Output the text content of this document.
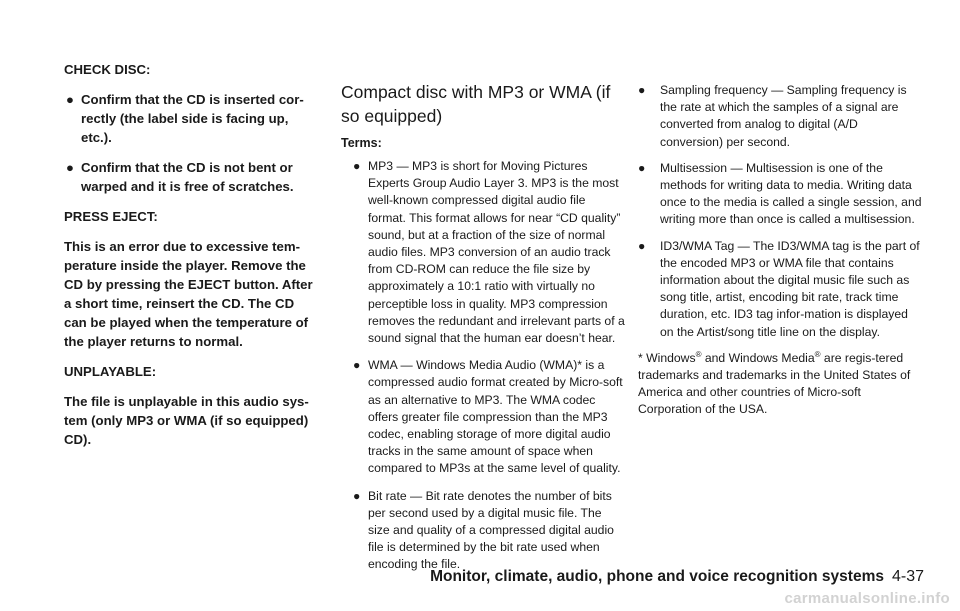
CHECK DISC:
● Confirm that the CD is inserted cor-rectly (the label side is facing up, etc.).
● Confirm that the CD is not bent or warped and it is free of scratches.
PRESS EJECT:
This is an error due to excessive tem-perature inside the player. Remove the CD by pressing the EJECT button. After a short time, reinsert the CD. The CD can be played when the temperature of the player returns to normal.
UNPLAYABLE:
The file is unplayable in this audio sys-tem (only MP3 or WMA (if so equipped) CD).
Compact disc with MP3 or WMA (if so equipped)
Terms:
● MP3 — MP3 is short for Moving Pictures Experts Group Audio Layer 3. MP3 is the most well-known compressed digital audio file format. This format allows for near “CD quality” sound, but at a fraction of the size of normal audio files. MP3 conversion of an audio track from CD-ROM can reduce the file size by approximately a 10:1 ratio with virtually no perceptible loss in quality. MP3 compression removes the redundant and irrelevant parts of a sound signal that the human ear doesn’t hear.
● WMA — Windows Media Audio (WMA)* is a compressed audio format created by Micro-soft as an alternative to MP3. The WMA codec offers greater file compression than the MP3 codec, enabling storage of more digital audio tracks in the same amount of space when compared to MP3s at the same level of quality.
● Bit rate — Bit rate denotes the number of bits per second used by a digital music file. The size and quality of a compressed digital audio file is determined by the bit rate used when encoding the file.
●	Sampling frequency — Sampling frequency is the rate at which the samples of a signal are converted from analog to digital (A/D conversion) per second.
●	Multisession — Multisession is one of the methods for writing data to media. Writing data once to the media is called a single session, and writing more than once is called a multisession.
●	ID3/WMA Tag — The ID3/WMA tag is the part of the encoded MP3 or WMA file that contains information about the digital music file such as song title, artist, encoding bit rate, track time duration, etc. ID3 tag infor-mation is displayed on the Artist/song title line on the display.
* Windows® and Windows Media® are regis-tered trademarks and trademarks in the United States of America and other countries of Micro-soft Corporation of the USA.
Monitor, climate, audio, phone and voice recognition systems 4-37
carmanualsonline.info
